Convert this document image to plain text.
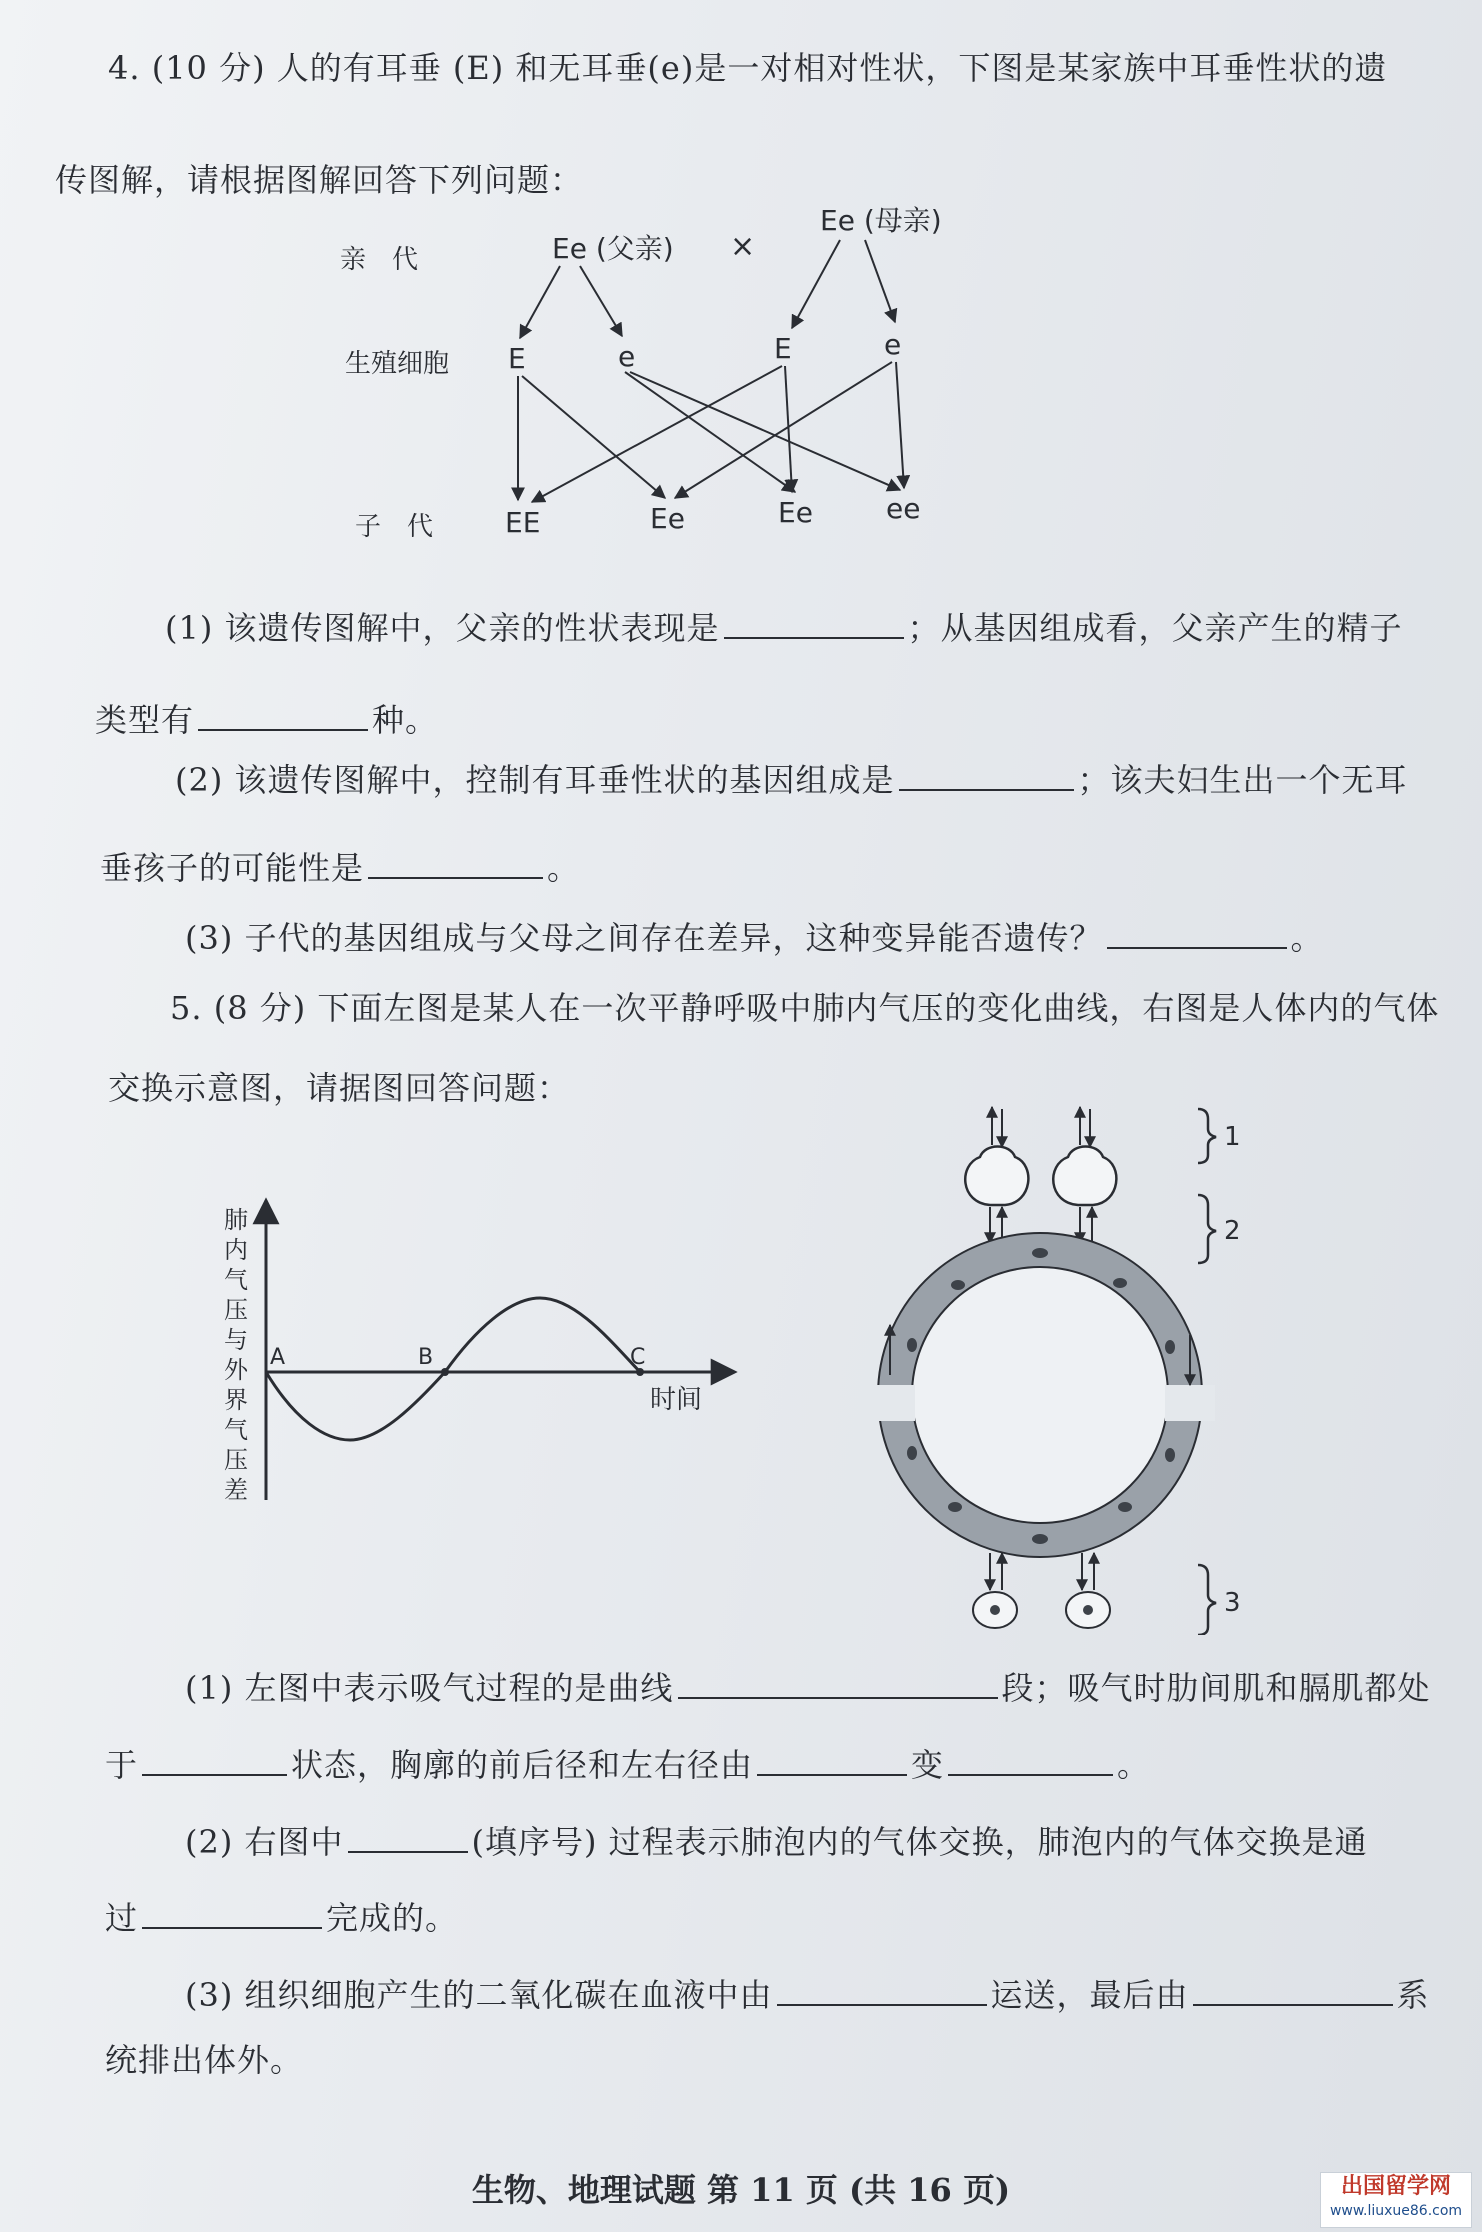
4. (10 分) 人的有耳垂 (E) 和无耳垂(e)是一对相对性状，下图是某家族中耳垂性状的遗
传图解，请根据图解回答下列问题：
亲　代
生殖细胞
子　代
Ee (父亲) ×
Ee (母亲)
E	e	E	e
EE	Ee	Ee	ee
(1) 该遗传图解中，父亲的性状表现是	；从基因组成看，父亲产生的精子
类型有	种。
(2) 该遗传图解中，控制有耳垂性状的基因组成是	；该夫妇生出一个无耳
垂孩子的可能性是	。
(3) 子代的基因组成与父母之间存在差异，这种变异能否遗传？	。
5. (8 分) 下面左图是某人在一次平静呼吸中肺内气压的变化曲线，右图是人体内的气体
交换示意图，请据图回答问题：
肺
内
气
压
与
外
界
气
压
差
A	B	C
时间
1
2
3
(1) 左图中表示吸气过程的是曲线	段；吸气时肋间肌和膈肌都处
于	状态，胸廓的前后径和左右径由	变	。
(2) 右图中	(填序号) 过程表示肺泡内的气体交换，肺泡内的气体交换是通
过	完成的。
(3) 组织细胞产生的二氧化碳在血液中由	运送，最后由	系
统排出体外。
生物、地理试题 第 11 页 (共 16 页)	出国留学网
www.liuxue86.com
